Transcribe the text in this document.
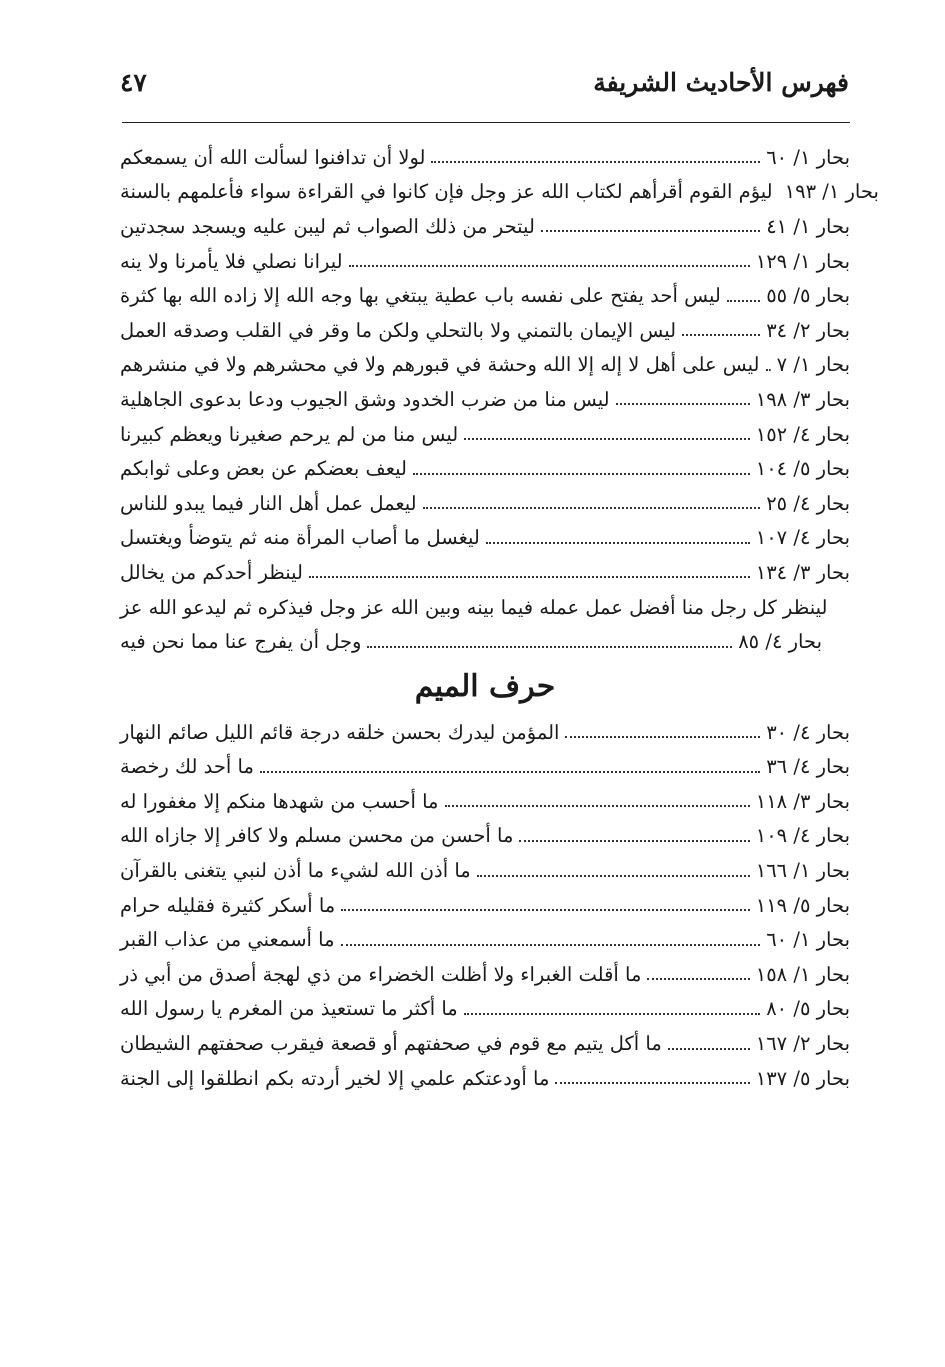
فهرس الأحاديث الشريفة
٤٧
لولا أن تدافنوا لسألت الله أن يسمعكم	بحار ١/ ٦٠
ليؤم القوم أقرأهم لكتاب الله عز وجل فإن كانوا في القراءة سواء فأعلمهم بالسنة بحار ١/ ١٩٣
ليتحر من ذلك الصواب ثم ليبن عليه ويسجد سجدتين	بحار ١/ ٤١
ليرانا نصلي فلا يأمرنا ولا ينه	بحار ١/ ١٢٩
ليس أحد يفتح على نفسه باب عطية يبتغي بها وجه الله إلا زاده الله بها كثرة بحار ٥/ ٥٥
ليس الإيمان بالتمني ولا بالتحلي ولكن ما وقر في القلب وصدقه العمل	بحار ٢/ ٣٤
ليس على أهل لا إله إلا الله وحشة في قبورهم ولا في محشرهم ولا في منشرهم بحار ١/ ٧
ليس منا من ضرب الخدود وشق الجيوب ودعا بدعوى الجاهلية	بحار ٣/ ١٩٨
ليس منا من لم يرحم صغيرنا ويعظم كبيرنا	بحار ٤/ ١٥٢
ليعف بعضكم عن بعض وعلى ثوابكم	بحار ٥/ ١٠٤
ليعمل عمل أهل النار فيما يبدو للناس	بحار ٤/ ٢٥
ليغسل ما أصاب المرأة منه ثم يتوضأ ويغتسل	بحار ٤/ ١٠٧
لينظر أحدكم من يخالل	بحار ٣/ ١٣٤
لينظر كل رجل منا أفضل عمل عمله فيما بينه وبين الله عز وجل فيذكره ثم ليدعو الله عز
وجل أن يفرج عنا مما نحن فيه	بحار ٤/ ٨٥
حرف الميم
المؤمن ليدرك بحسن خلقه درجة قائم الليل صائم النهار	بحار ٤/ ٣٠
ما أحد لك رخصة	بحار ٤/ ٣٦
ما أحسب من شهدها منكم إلا مغفورا له	بحار ٣/ ١١٨
ما أحسن من محسن مسلم ولا كافر إلا جازاه الله	بحار ٤/ ١٠٩
ما أذن الله لشيء ما أذن لنبي يتغنى بالقرآن	بحار ١/ ١٦٦
ما أسكر كثيرة فقليله حرام	بحار ٥/ ١١٩
ما أسمعني من عذاب القبر	بحار ١/ ٦٠
ما أقلت الغبراء ولا أظلت الخضراء من ذي لهجة أصدق من أبي ذر	بحار ١/ ١٥٨
ما أكثر ما تستعيذ من المغرم يا رسول الله	بحار ٥/ ٨٠
ما أكل يتيم مع قوم في صحفتهم أو قصعة فيقرب صحفتهم الشيطان	بحار ٢/ ١٦٧
ما أودعتكم علمي إلا لخير أردته بكم انطلقوا إلى الجنة	بحار ٥/ ١٣٧
